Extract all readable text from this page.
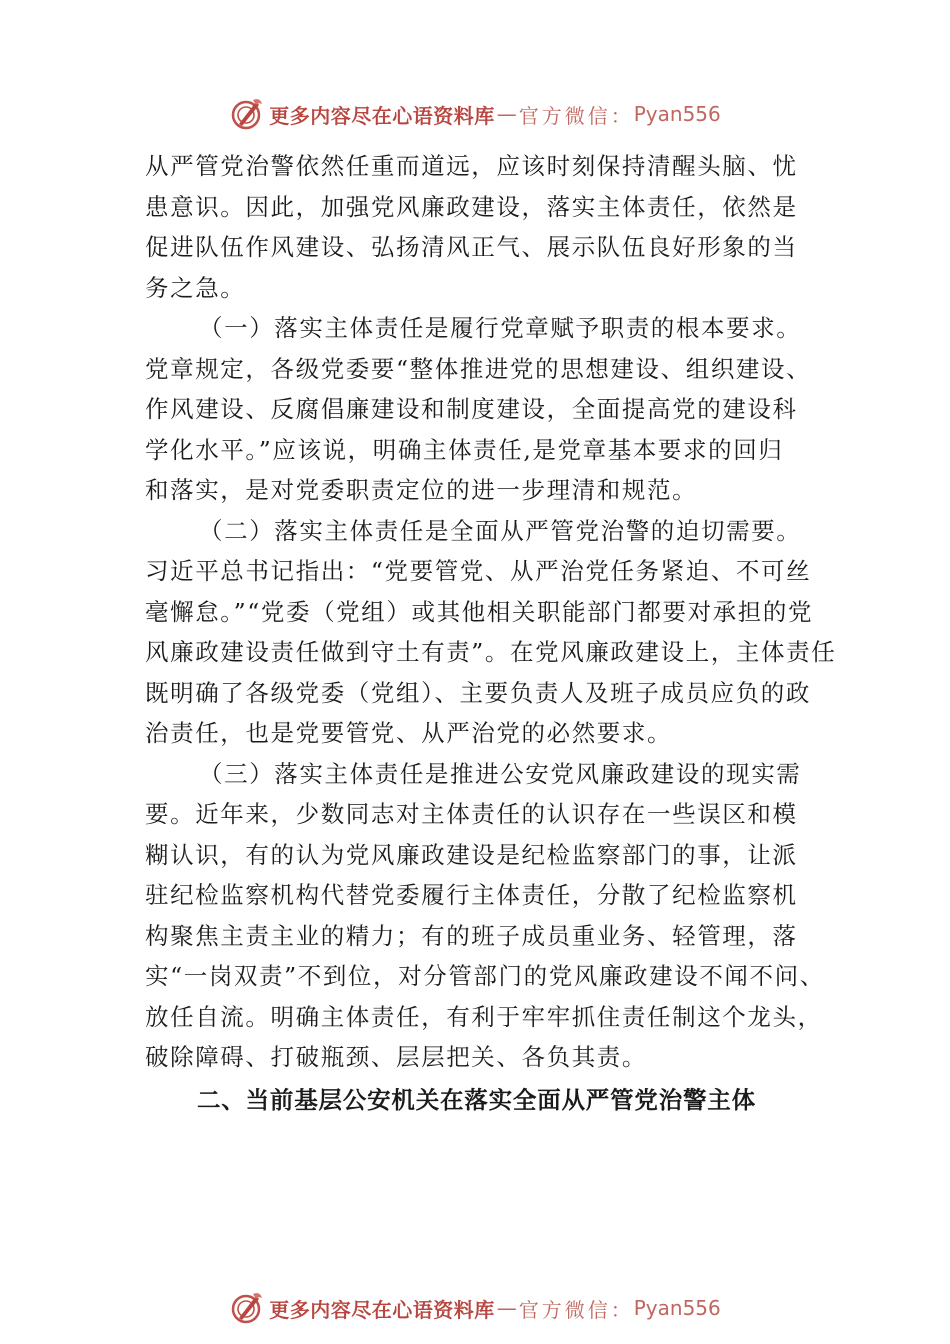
更多内容尽在心语资料库 — 官方微信： Pyan556
从严管党治警依然任重而道远，应该时刻保持清醒头脑、忧
患意识。因此，加强党风廉政建设，落实主体责任，依然是
促进队伍作风建设、弘扬清风正气、展示队伍良好形象的当
务之急。
（一）落实主体责任是履行党章赋予职责的根本要求。
党章规定，各级党委要“整体推进党的思想建设、组织建设、
作风建设、反腐倡廉建设和制度建设，全面提高党的建设科
学化水平。”应该说，明确主体责任,是党章基本要求的回归
和落实，是对党委职责定位的进一步理清和规范。
（二）落实主体责任是全面从严管党治警的迫切需要。
习近平总书记指出：“党要管党、从严治党任务紧迫、不可丝
毫懈怠。”“党委（党组）或其他相关职能部门都要对承担的党
风廉政建设责任做到守土有责”。在党风廉政建设上，主体责任
既明确了各级党委（党组）、主要负责人及班子成员应负的政
治责任，也是党要管党、从严治党的必然要求。
（三）落实主体责任是推进公安党风廉政建设的现实需
要。近年来，少数同志对主体责任的认识存在一些误区和模
糊认识，有的认为党风廉政建设是纪检监察部门的事，让派
驻纪检监察机构代替党委履行主体责任，分散了纪检监察机
构聚焦主责主业的精力；有的班子成员重业务、轻管理，落
实“一岗双责”不到位，对分管部门的党风廉政建设不闻不问、
放任自流。明确主体责任，有利于牢牢抓住责任制这个龙头，
破除障碍、打破瓶颈、层层把关、各负其责。
二、当前基层公安机关在落实全面从严管党治警主体
更多内容尽在心语资料库 — 官方微信： Pyan556
